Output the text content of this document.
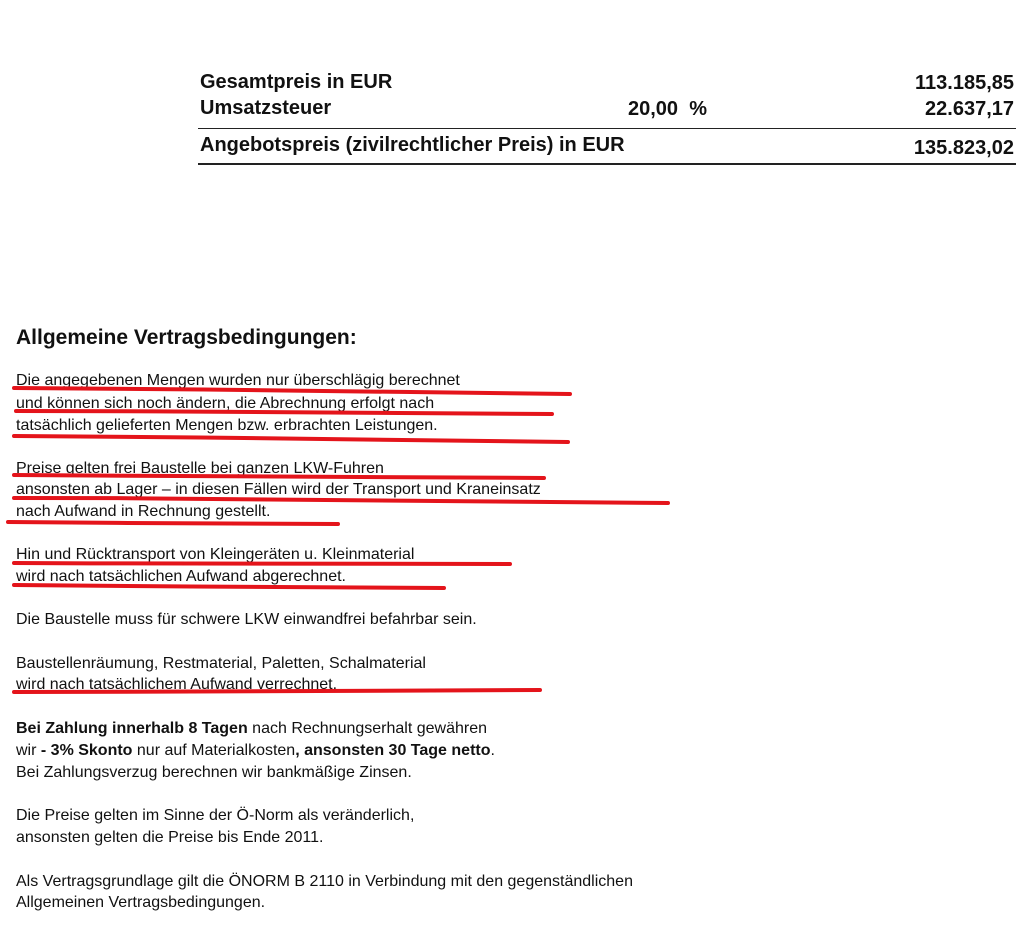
Gesamtpreis in EUR	113.185,85
Umsatzsteuer	20,00 %	22.637,17
Angebotspreis (zivilrechtlicher Preis) in EUR	135.823,02
Allgemeine Vertragsbedingungen:
Die angegebenen Mengen wurden nur überschlägig berechnet
und können sich noch ändern, die Abrechnung erfolgt nach
tatsächlich gelieferten Mengen bzw. erbrachten Leistungen.
Preise gelten frei Baustelle bei ganzen LKW-Fuhren
ansonsten ab Lager – in diesen Fällen wird der Transport und Kraneinsatz
nach Aufwand in Rechnung gestellt.
Hin und Rücktransport von Kleingeräten u. Kleinmaterial
wird nach tatsächlichen Aufwand abgerechnet.
Die Baustelle muss für schwere LKW einwandfrei befahrbar sein.
Baustellenräumung, Restmaterial, Paletten, Schalmaterial
wird nach tatsächlichem Aufwand verrechnet.
Bei Zahlung innerhalb 8 Tagen nach Rechnungserhalt gewähren
wir - 3% Skonto nur auf Materialkosten, ansonsten 30 Tage netto.
Bei Zahlungsverzug berechnen wir bankmäßige Zinsen.
Die Preise gelten im Sinne der Ö-Norm als veränderlich,
ansonsten gelten die Preise bis Ende 2011.
Als Vertragsgrundlage gilt die ÖNORM B 2110 in Verbindung mit den gegenständlichen
Allgemeinen Vertragsbedingungen.
